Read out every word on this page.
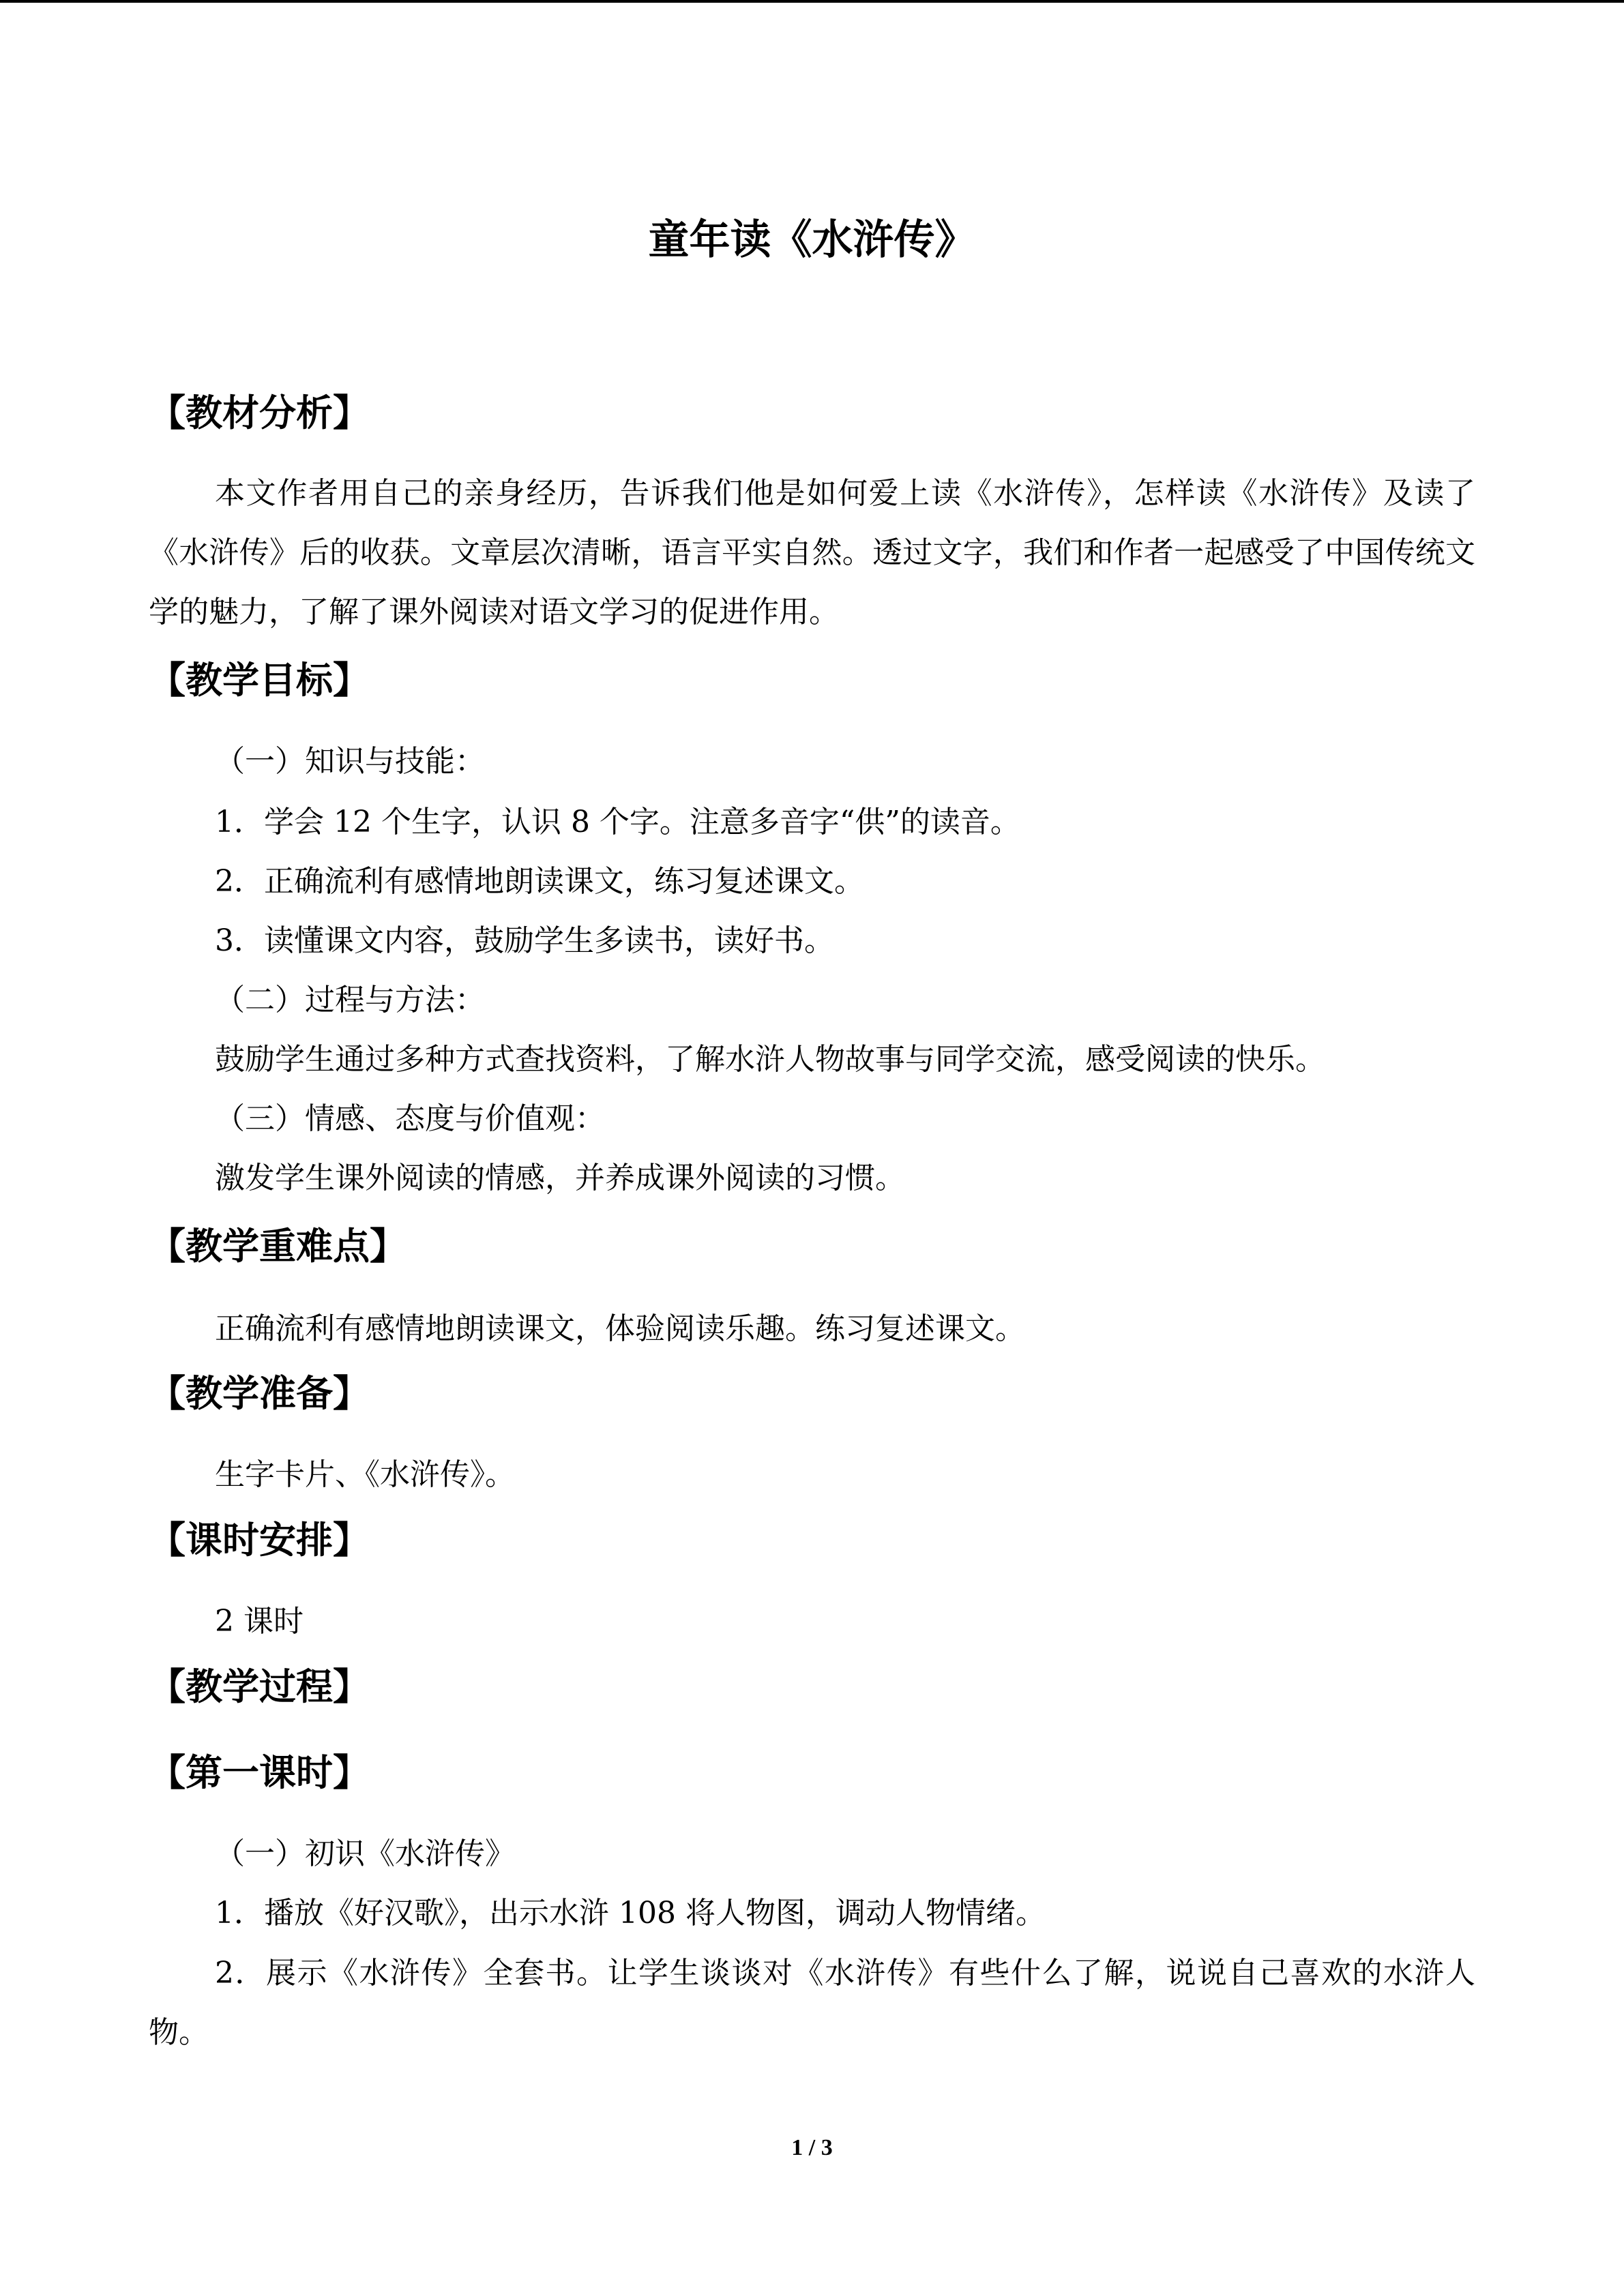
童年读《水浒传》
【教材分析】
本文作者用自己的亲身经历，告诉我们他是如何爱上读《水浒传》，怎样读《水浒传》及读了《水浒传》后的收获。文章层次清晰，语言平实自然。透过文字，我们和作者一起感受了中国传统文学的魅力，了解了课外阅读对语文学习的促进作用。
【教学目标】
（一）知识与技能：
1．学会 12 个生字，认识 8 个字。注意多音字“供”的读音。
2．正确流利有感情地朗读课文，练习复述课文。
3．读懂课文内容，鼓励学生多读书，读好书。
（二）过程与方法：
鼓励学生通过多种方式查找资料，了解水浒人物故事与同学交流，感受阅读的快乐。
（三）情感、态度与价值观：
激发学生课外阅读的情感，并养成课外阅读的习惯。
【教学重难点】
正确流利有感情地朗读课文，体验阅读乐趣。练习复述课文。
【教学准备】
生字卡片、《水浒传》。
【课时安排】
2 课时
【教学过程】
【第一课时】
（一）初识《水浒传》
1．播放《好汉歌》，出示水浒 108 将人物图，调动人物情绪。
2．展示《水浒传》全套书。让学生谈谈对《水浒传》有些什么了解，说说自己喜欢的水浒人物。
1 / 3
